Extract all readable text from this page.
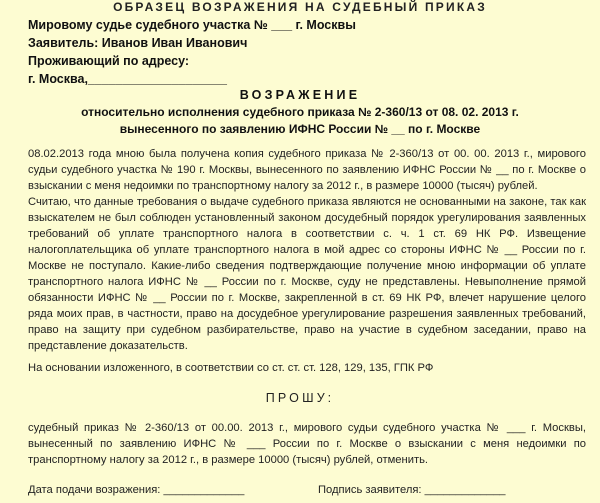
ОБРАЗЕЦ ВОЗРАЖЕНИЯ НА СУДЕБНЫЙ ПРИКАЗ
Мировому судье судебного участка № ___ г. Москвы
Заявитель: Иванов Иван Иванович
Проживающий по адресу:
г. Москва,____________________
ВОЗРАЖЕНИЕ
относительно исполнения судебного приказа № 2-360/13 от 08. 02. 2013 г.
вынесенного по заявлению ИФНС России № __ по г. Москве
08.02.2013 года мною была получена копия судебного приказа № 2-360/13 от 00. 00. 2013 г., мирового
судьи судебного участка № 190 г. Москвы, вынесенного по заявлению ИФНС России № __ по г. Москве о
взыскании с меня недоимки по транспортному налогу за 2012 г., в размере 10000 (тысяч) рублей.
Считаю, что данные требования о выдаче судебного приказа являются не основанными на законе, так как
взыскателем не был соблюден установленный законом досудебный порядок урегулирования заявленных
требований об уплате транспортного налога в соответствии с. ч. 1 ст. 69 НК РФ. Извещение
налогоплательщика об уплате транспортного налога в мой адрес со стороны ИФНС № __ России по г.
Москве не поступало. Какие-либо сведения подтверждающие получение мною информации об уплате
транспортного налога ИФНС № __ России по г. Москве, суду не представлены. Невыполнение прямой
обязанности ИФНС № __ России по г. Москве, закрепленной в ст. 69 НК РФ, влечет нарушение целого
ряда моих прав, в частности, право на досудебное урегулирование разрешения заявленных требований,
право на защиту при судебном разбирательстве, право на участие в судебном заседании, право на
представление доказательств.
На основании изложенного, в соответствии со ст. ст. ст. 128, 129, 135, ГПК РФ
ПРОШУ:
судебный приказ № 2-360/13 от 00.00. 2013 г., мирового судьи судебного участка № ___ г. Москвы,
вынесенный по заявлению ИФНС № ___ России по г. Москве о взыскании с меня недоимки по
транспортному налогу за 2012 г., в размере 10000 (тысяч) рублей, отменить.
Дата подачи возражения: _____________	Подпись заявителя: _____________
